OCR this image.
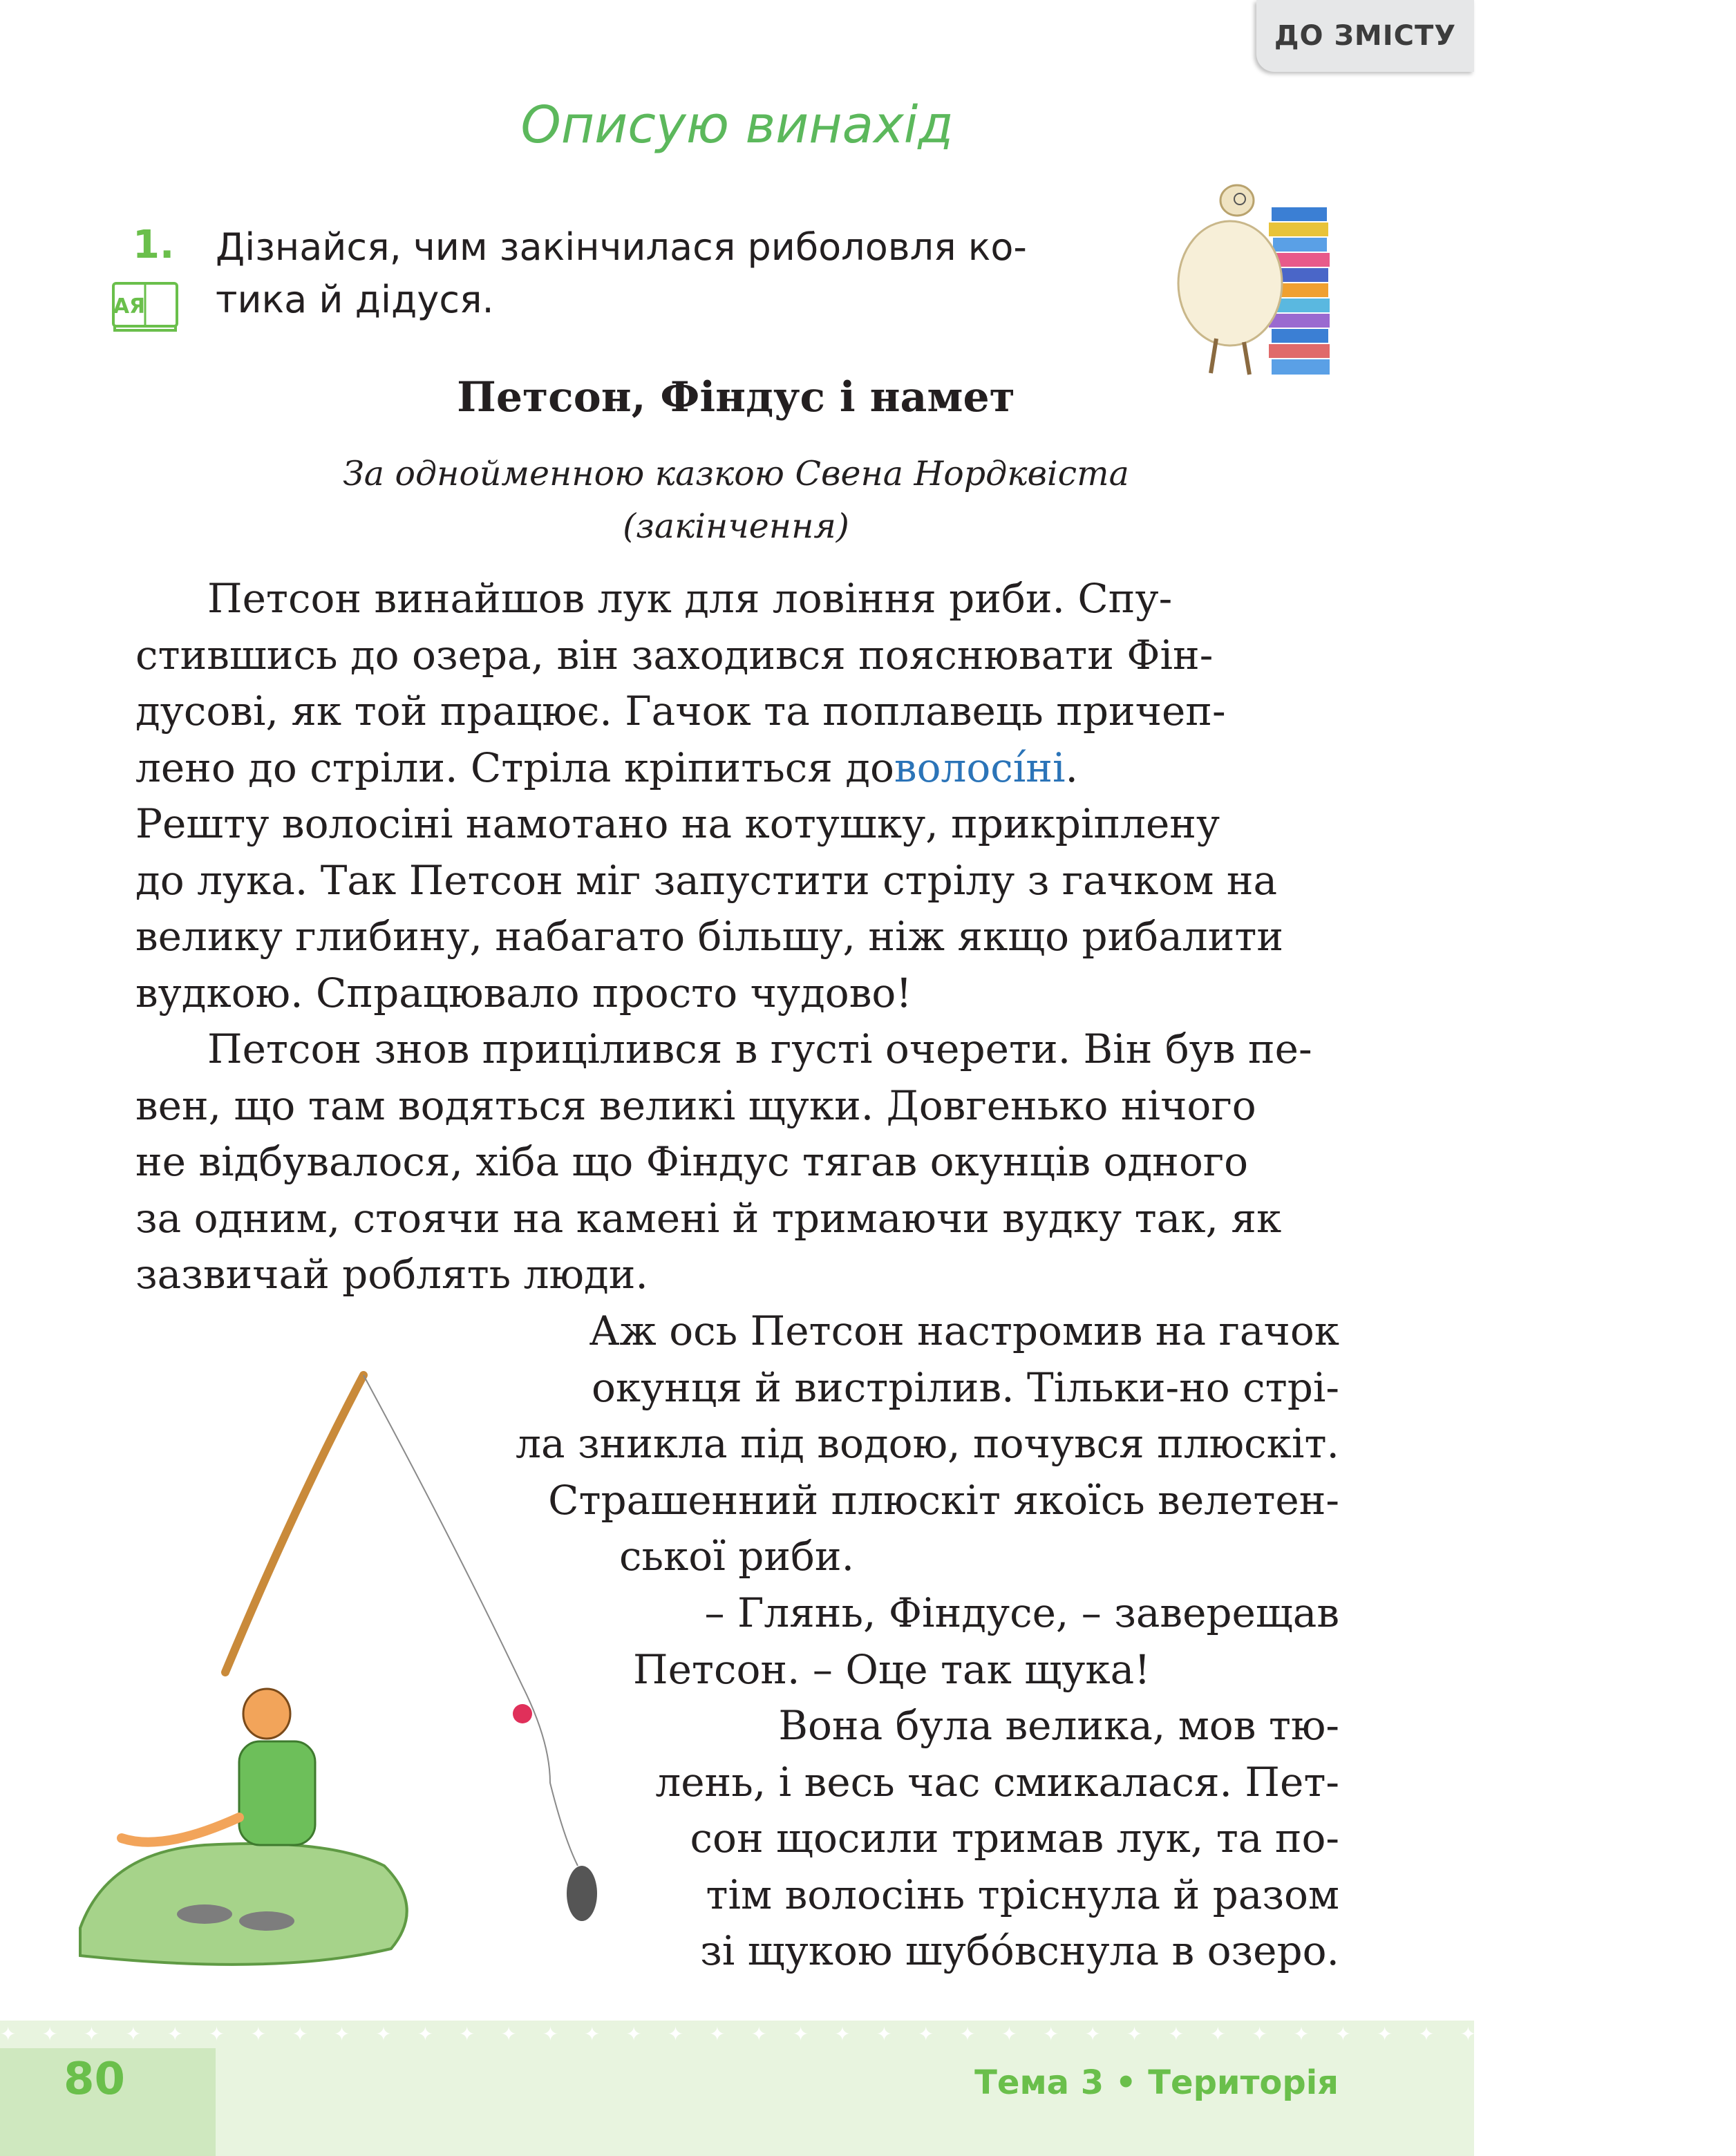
ДО ЗМІСТУ
Описую винахід
1.
АЯ
Дізнайся, чим закінчилася риболовля ко-
тика й дідуся.
Петсон, Фіндус і намет
За однойменною казкою Свена Нордквіста
(закінчення)
Петсон винайшов лук для ловіння риби. Спу-
стившись до озера, він заходився пояснювати Фін-
дусові, як той працює. Гачок та поплавець причеп-
лено до стріли. Стріла кріпиться доволосíні.
Решту волосіні намотано на котушку, прикріплену
до лука. Так Петсон міг запустити стрілу з гачком на
велику глибину, набагато більшу, ніж якщо рибалити
вудкою. Спрацювало просто чудово!
Петсон знов прицілився в густі очерети. Він був пе-
вен, що там водяться великі щуки. Довгенько нічого
не відбувалося, хіба що Фіндус тягав окунців одного
за одним, стоячи на камені й тримаючи вудку так, як
зазвичай роблять люди.
Аж ось Петсон настромив на гачок
окунця й вистрілив. Тільки-но стрі-
ла зникла під водою, почувся плюскіт.
Страшенний плюскіт якоїсь велетен-
ської риби.
– Глянь, Фіндусе, – заверещав
Петсон. – Оце так щука!
Вона була велика, мов тю-
лень, і весь час смикалася. Пет-
сон щосили тримав лук, та по-
тім волосінь тріснула й разом
зі щукою шубóвснула в озеро.
✦ ✦ ✦ ✦ ✦ ✦ ✦ ✦ ✦ ✦ ✦ ✦ ✦ ✦ ✦ ✦ ✦ ✦ ✦ ✦ ✦ ✦ ✦ ✦ ✦ ✦ ✦ ✦ ✦ ✦ ✦ ✦ ✦ ✦ ✦ ✦ ✦ ✦ ✦ ✦ ✦ ✦
80	Тема 3 • Територія
